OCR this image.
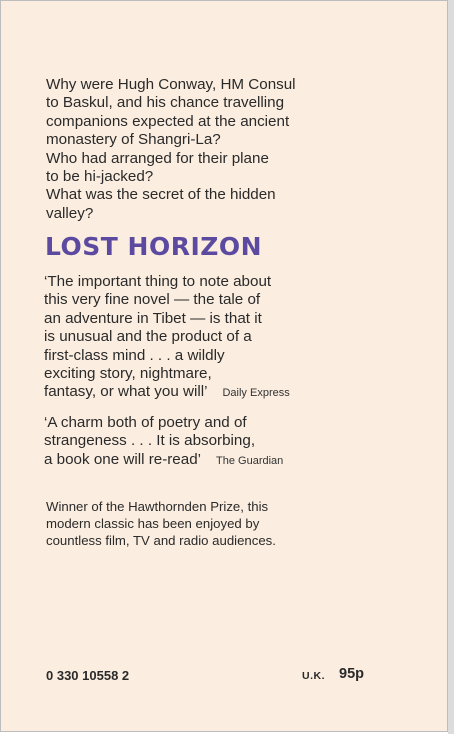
Why were Hugh Conway, HM Consul
to Baskul, and his chance travelling
companions expected at the ancient
monastery of Shangri-La?
Who had arranged for their plane
to be hi-jacked?
What was the secret of the hidden
valley?
LOST HORIZON
‘The important thing to note about
this very fine novel — the tale of
an adventure in Tibet — is that it
is unusual and the product of a
first-class mind . . . a wildly
exciting story, nightmare,
fantasy, or what you will’ Daily Express
‘A charm both of poetry and of
strangeness . . . It is absorbing,
a book one will re-read’ The Guardian
Winner of the Hawthornden Prize, this
modern classic has been enjoyed by
countless film, TV and radio audiences.
0 330 10558 2	U.K. 95p
